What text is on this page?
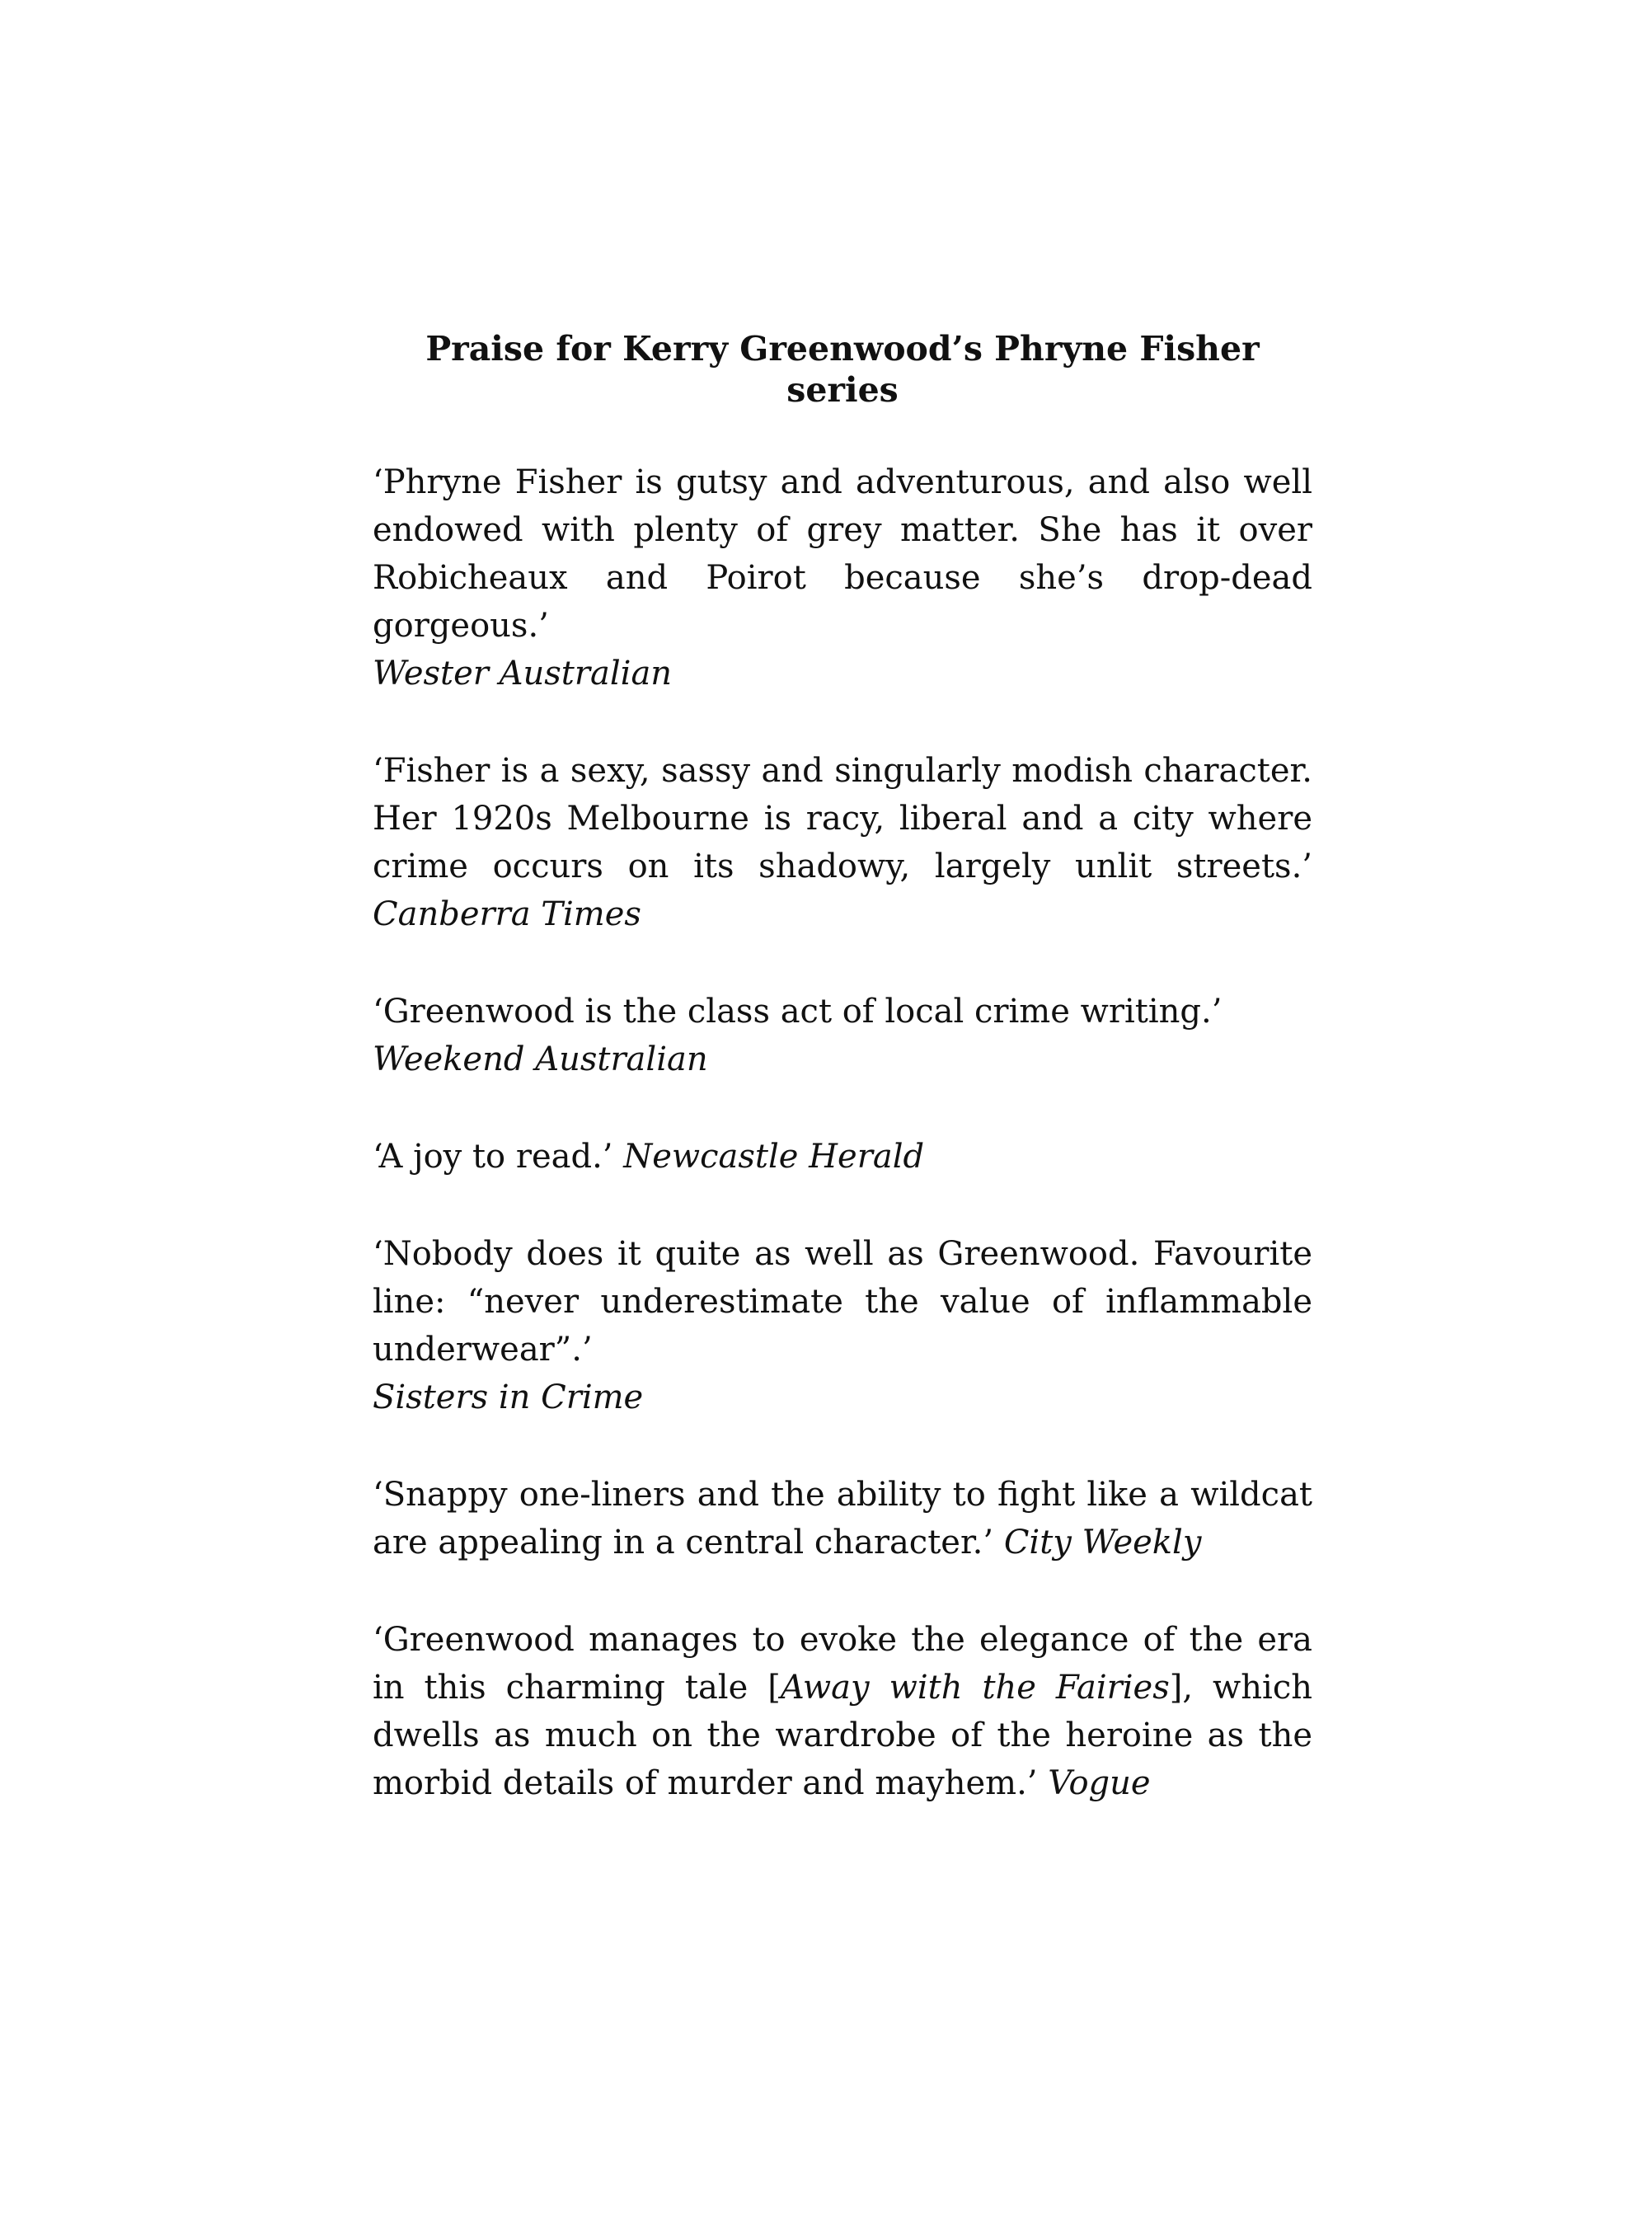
Praise for Kerry Greenwood’s Phryne Fisher series

‘Phryne Fisher is gutsy and adventurous, and also well endowed with plenty of grey matter. She has it over Robicheaux and Poirot because she’s drop-dead gorgeous.’
Wester Australian

‘Fisher is a sexy, sassy and singularly modish character. Her 1920s Melbourne is racy, liberal and a city where crime occurs on its shadowy, largely unlit streets.’ Canberra Times

‘Greenwood is the class act of local crime writing.’
Weekend Australian

‘A joy to read.’ Newcastle Herald

‘Nobody does it quite as well as Greenwood. Favourite line: “never underestimate the value of inflammable underwear”.’
Sisters in Crime

‘Snappy one-liners and the ability to fight like a wildcat are appealing in a central character.’ City Weekly

‘Greenwood manages to evoke the elegance of the era in this charming tale [Away with the Fairies], which dwells as much on the wardrobe of the heroine as the morbid details of murder and mayhem.’ Vogue
